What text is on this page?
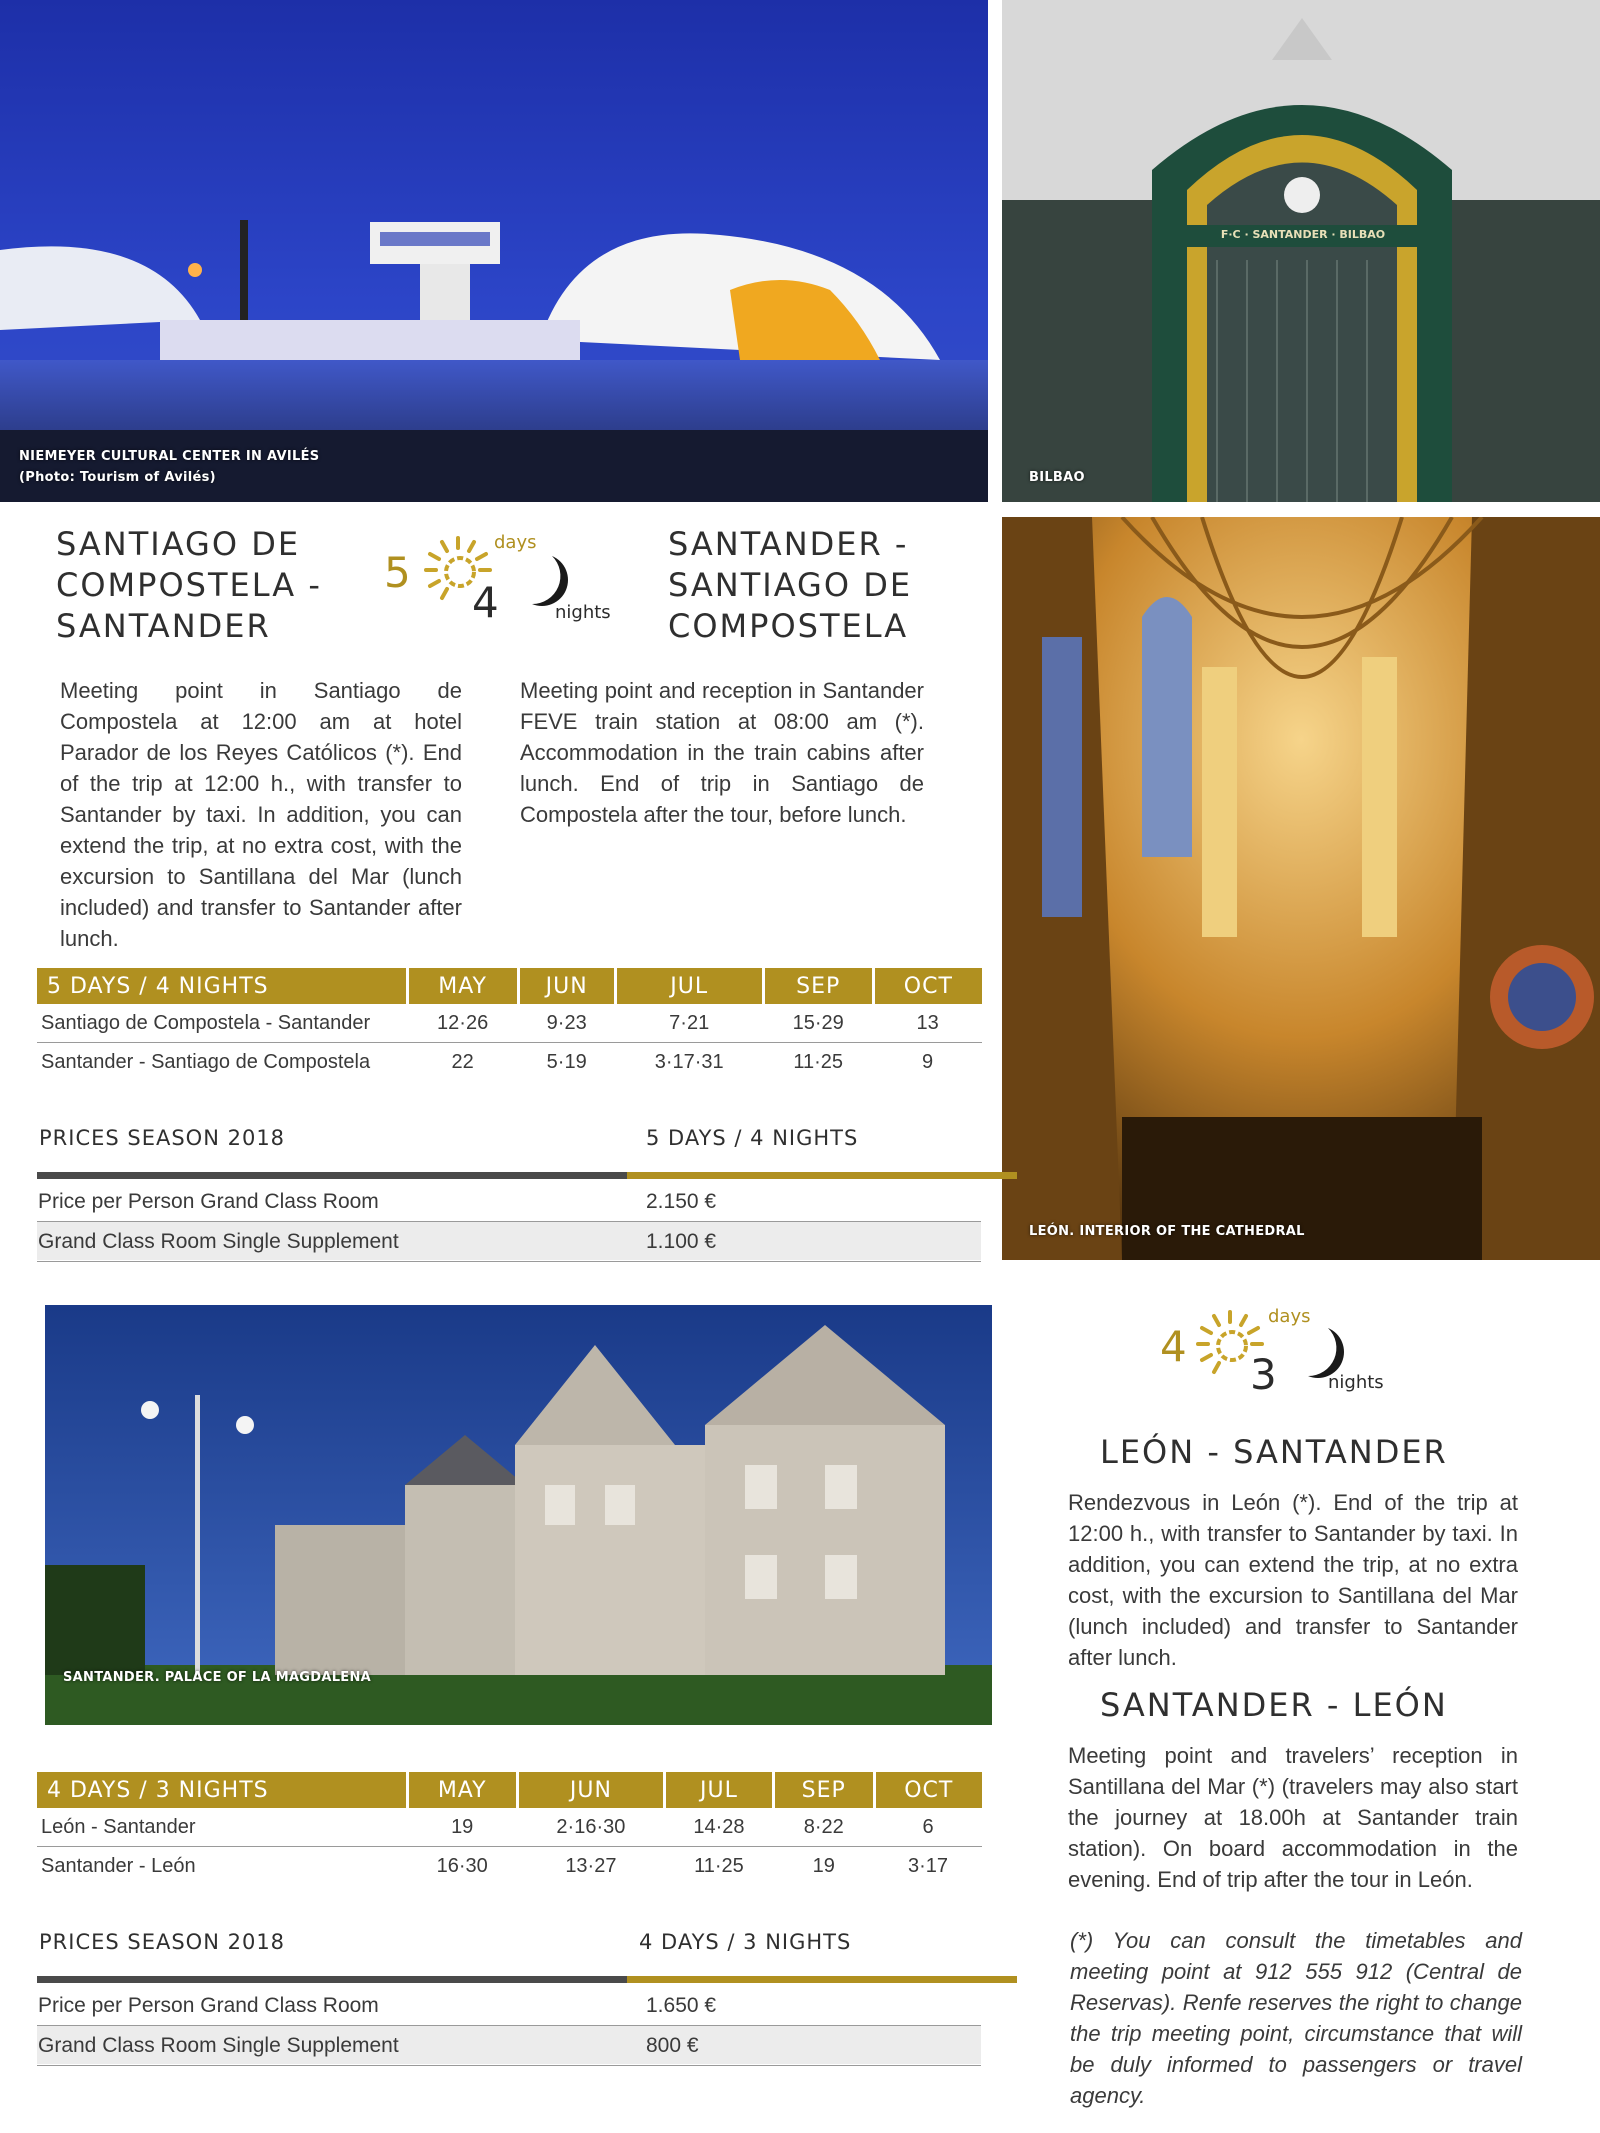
NIEMEYER CULTURAL CENTER IN AVILÉS
(Photo: Tourism of Avilés)
F·C · SANTANDER · BILBAO
BILBAO
LEÓN. INTERIOR OF THE CATHEDRAL
SANTANDER. PALACE OF LA MAGDALENA
SANTIAGO DE
COMPOSTELA -
SANTANDER
5
days
4	nights
SANTANDER -
SANTIAGO DE
COMPOSTELA
Meeting point in Santiago de Compostela at 12:00 am at hotel Parador de los Reyes Católicos (*). End of the trip at 12:00 h., with transfer to Santander by taxi. In addition, you can extend the trip, at no extra cost, with the excursion to Santillana del Mar (lunch included) and transfer to Santander after lunch.
Meeting point and reception in Santander FEVE train station at 08:00 am (*). Accommodation in the train cabins after lunch. End of trip in Santiago de Compostela after the tour, before lunch.
5 DAYS / 4 NIGHTS	MAY	JUN	JUL	SEP	OCT
Santiago de Compostela - Santander	12·26	9·23	7·21	15·29	13
Santander - Santiago de Compostela	22	5·19	3·17·31	11·25	9
PRICES SEASON 2018	5 DAYS / 4 NIGHTS
Price per Person Grand Class Room	2.150 €
Grand Class Room Single Supplement	1.100 €
4
days
3	nights
LEÓN - SANTANDER
Rendezvous in León (*). End of the trip at 12:00 h., with transfer to Santander by taxi. In addition, you can extend the trip, at no extra cost, with the excursion to Santillana del Mar (lunch included) and transfer to Santander after lunch.
SANTANDER - LEÓN
Meeting point and travelers’ reception in Santillana del Mar (*) (travelers may also start the journey at 18.00h at Santander train station). On board accommodation in the evening. End of trip after the tour in León.
(*) You can consult the timetables and meeting point at 912 555 912 (Central de Reservas). Renfe reserves the right to change the trip meeting point, circumstance that will be duly informed to passengers or travel agency.
4 DAYS / 3 NIGHTS	MAY	JUN	JUL	SEP	OCT
León - Santander	19	2·16·30	14·28	8·22	6
Santander - León	16·30	13·27	11·25	19	3·17
PRICES SEASON 2018	4 DAYS / 3 NIGHTS
Price per Person Grand Class Room	1.650 €
Grand Class Room Single Supplement	800 €
